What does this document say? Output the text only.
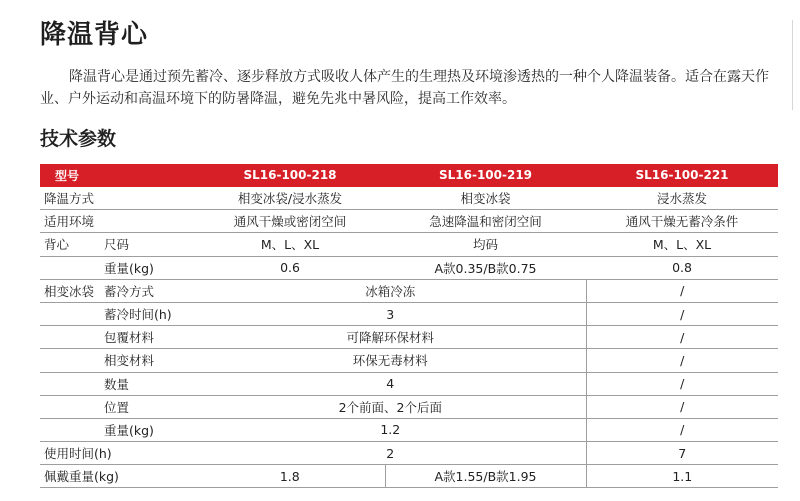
降温背心

降温背心是通过预先蓄冷、逐步释放方式吸收人体产生的生理热及环境渗透热的一种个人降温装备。适合在露天作业、户外运动和高温环境下的防暑降温，避免先兆中暑风险，提高工作效率。

技术参数
型号		SL16-100-218	SL16-100-219	SL16-100-221
降温方式		相变冰袋/浸水蒸发	相变冰袋	浸水蒸发
适用环境		通风干燥或密闭空间	急速降温和密闭空间	通风干燥无蓄冷条件
背心	尺码	M、L、XL	均码	M、L、XL
	重量(kg)	0.6	A款0.35/B款0.75	0.8
相变冰袋	蓄冷方式	冰箱冷冻		/
	蓄冷时间(h)	3		/
	包覆材料	可降解环保材料		/
	相变材料	环保无毒材料		/
	数量	4		/
	位置	2个前面、2个后面		/
	重量(kg)	1.2		/
使用时间(h)		2		7
佩戴重量(kg)		1.8	A款1.55/B款1.95	1.1
